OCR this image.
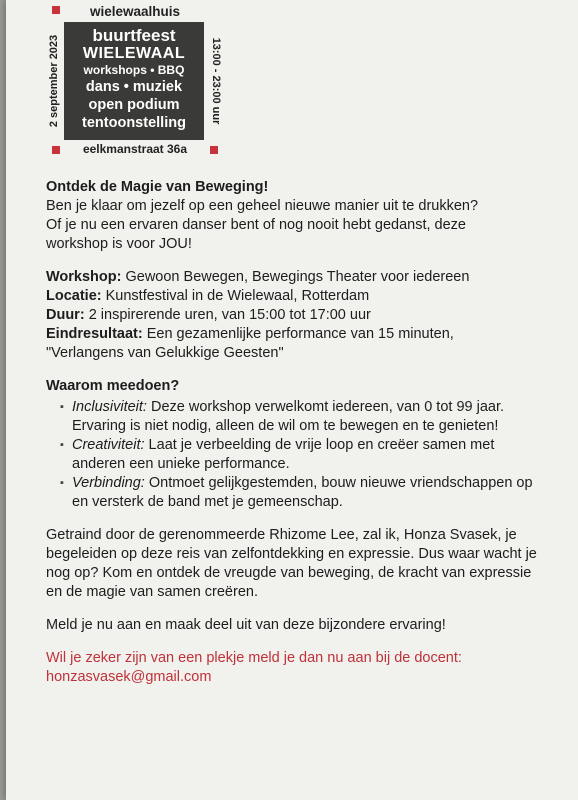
wielewaalhuis
2 september 2023	13:00 - 23:00 uur
buurtfeest
WIELEWAAL
workshops • BBQ
dans • muziek
open podium
tentoonstelling
eelkmanstraat 36a

Ontdek de Magie van Beweging!

Ben je klaar om jezelf op een geheel nieuwe manier uit te drukken?

Of je nu een ervaren danser bent of nog nooit hebt gedanst, deze

workshop is voor JOU!

Workshop: Gewoon Bewegen, Bewegings Theater voor iedereen

Locatie: Kunstfestival in de Wielewaal, Rotterdam

Duur: 2 inspirerende uren, van 15:00 tot 17:00 uur

Eindresultaat: Een gezamenlijke performance van 15 minuten,

"Verlangens van Gelukkige Geesten"

Waarom meedoen?

▪ Inclusiviteit: Deze workshop verwelkomt iedereen, van 0 tot 99 jaar. Ervaring is niet nodig, alleen de wil om te bewegen en te genieten!
▪ Creativiteit: Laat je verbeelding de vrije loop en creëer samen met anderen een unieke performance.
▪ Verbinding: Ontmoet gelijkgestemden, bouw nieuwe vriendschappen op en versterk de band met je gemeenschap.

Getraind door de gerenommeerde Rhizome Lee, zal ik, Honza Svasek, je begeleiden op deze reis van zelfontdekking en expressie. Dus waar wacht je nog op? Kom en ontdek de vreugde van beweging, de kracht van expressie en de magie van samen creëren.

Meld je nu aan en maak deel uit van deze bijzondere ervaring!

Wil je zeker zijn van een plekje meld je dan nu aan bij de docent:

honzasvasek@gmail.com
